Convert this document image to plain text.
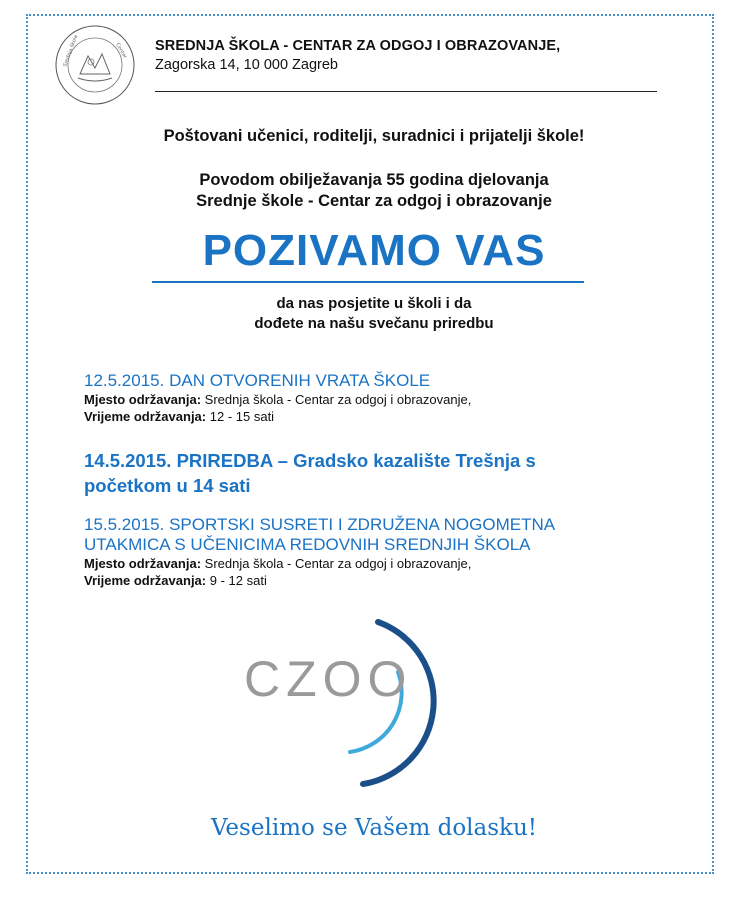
Srednja škola	Centar SREDNJA ŠKOLA - CENTAR ZA ODGOJ I OBRAZOVANJE,
Zagorska 14, 10 000 Zagreb
Poštovani učenici, roditelji, suradnici i prijatelji škole!
Povodom obilježavanja 55 godina djelovanja
Srednje škole - Centar za odgoj i obrazovanje
POZIVAMO VAS
da nas posjetite u školi i da
dođete na našu svečanu priredbu
12.5.2015. DAN OTVORENIH VRATA ŠKOLE
Mjesto održavanja: Srednja škola - Centar za odgoj i obrazovanje,
Vrijeme održavanja: 12 - 15 sati
14.5.2015. PRIREDBA – Gradsko kazalište Trešnja s
početkom u 14 sati
15.5.2015. SPORTSKI SUSRETI I ZDRUŽENA NOGOMETNA
UTAKMICA S UČENICIMA REDOVNIH SREDNJIH ŠKOLA
Mjesto održavanja: Srednja škola - Centar za odgoj i obrazovanje,
Vrijeme održavanja: 9 - 12 sati
CZOO
Veselimo se Vašem dolasku!
